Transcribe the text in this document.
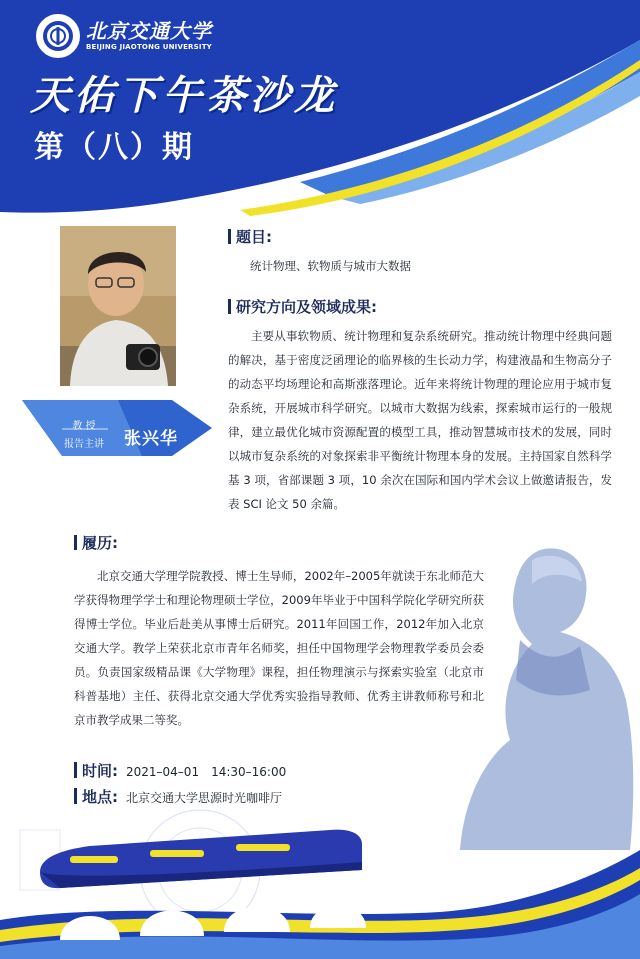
北京交通大学
BEIJING JIAOTONG UNIVERSITY
天佑下午茶沙龙
第（八）期
教 授
报告主讲	张兴华
题目:
统计物理、软物质与城市大数据
研究方向及领域成果:
主要从事软物质、统计物理和复杂系统研究。推动统计物理中经典问题的解决，基于密度泛函理论的临界核的生长动力学，构建液晶和生物高分子的动态平均场理论和高斯涨落理论。近年来将统计物理的理论应用于城市复杂系统，开展城市科学研究。以城市大数据为线索，探索城市运行的一般规律，建立最优化城市资源配置的模型工具，推动智慧城市技术的发展，同时以城市复杂系统的对象探索非平衡统计物理本身的发展。主持国家自然科学基 3 项，省部课题 3 项，10 余次在国际和国内学术会议上做邀请报告，发表 SCI 论文 50 余篇。
履历:
北京交通大学理学院教授、博士生导师，2002年–2005年就读于东北师范大学获得物理学学士和理论物理硕士学位，2009年毕业于中国科学院化学研究所获得博士学位。毕业后赴美从事博士后研究。2011年回国工作，2012年加入北京交通大学。教学上荣获北京市青年名师奖，担任中国物理学会物理教学委员会委员。负责国家级精品课《大学物理》课程，担任物理演示与探索实验室（北京市科普基地）主任、获得北京交通大学优秀实验指导教师、优秀主讲教师称号和北京市教学成果二等奖。
时间: 2021–04–01　14:30–16:00
地点: 北京交通大学思源时光咖啡厅
